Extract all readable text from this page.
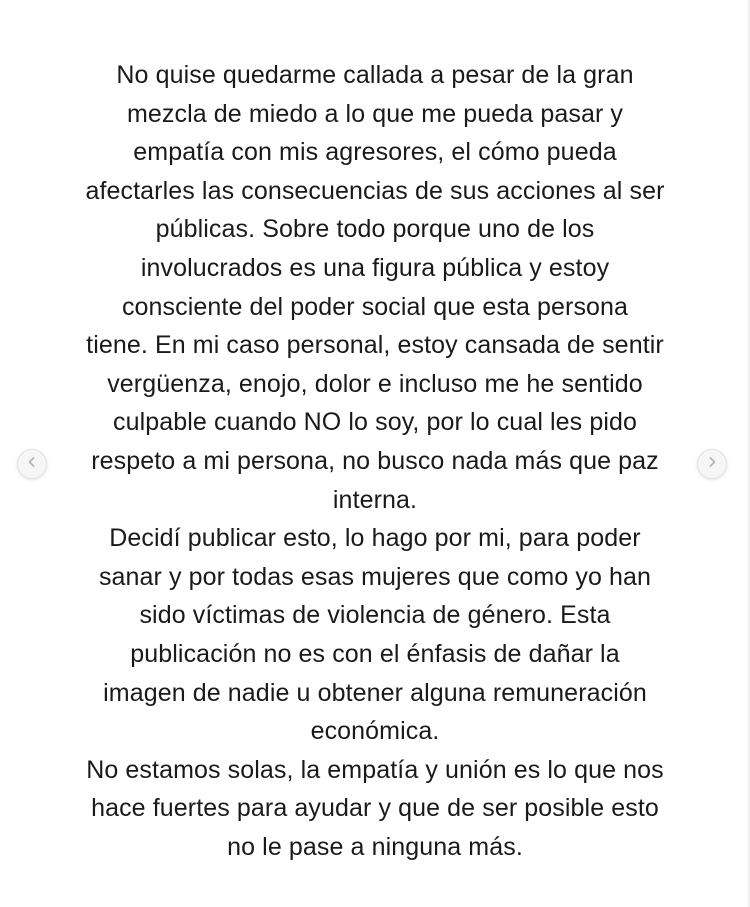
No quise quedarme callada a pesar de la gran
mezcla de miedo a lo que me pueda pasar y
empatía con mis agresores, el cómo pueda
afectarles las consecuencias de sus acciones al ser
públicas. Sobre todo porque uno de los
involucrados es una figura pública y estoy
consciente del poder social que esta persona
tiene. En mi caso personal, estoy cansada de sentir
vergüenza, enojo, dolor e incluso me he sentido
culpable cuando NO lo soy, por lo cual les pido
respeto a mi persona, no busco nada más que paz
interna.
Decidí publicar esto, lo hago por mi, para poder
sanar y por todas esas mujeres que como yo han
sido víctimas de violencia de género. Esta
publicación no es con el énfasis de dañar la
imagen de nadie u obtener alguna remuneración
económica.
No estamos solas, la empatía y unión es lo que nos
hace fuertes para ayudar y que de ser posible esto
no le pase a ninguna más.
